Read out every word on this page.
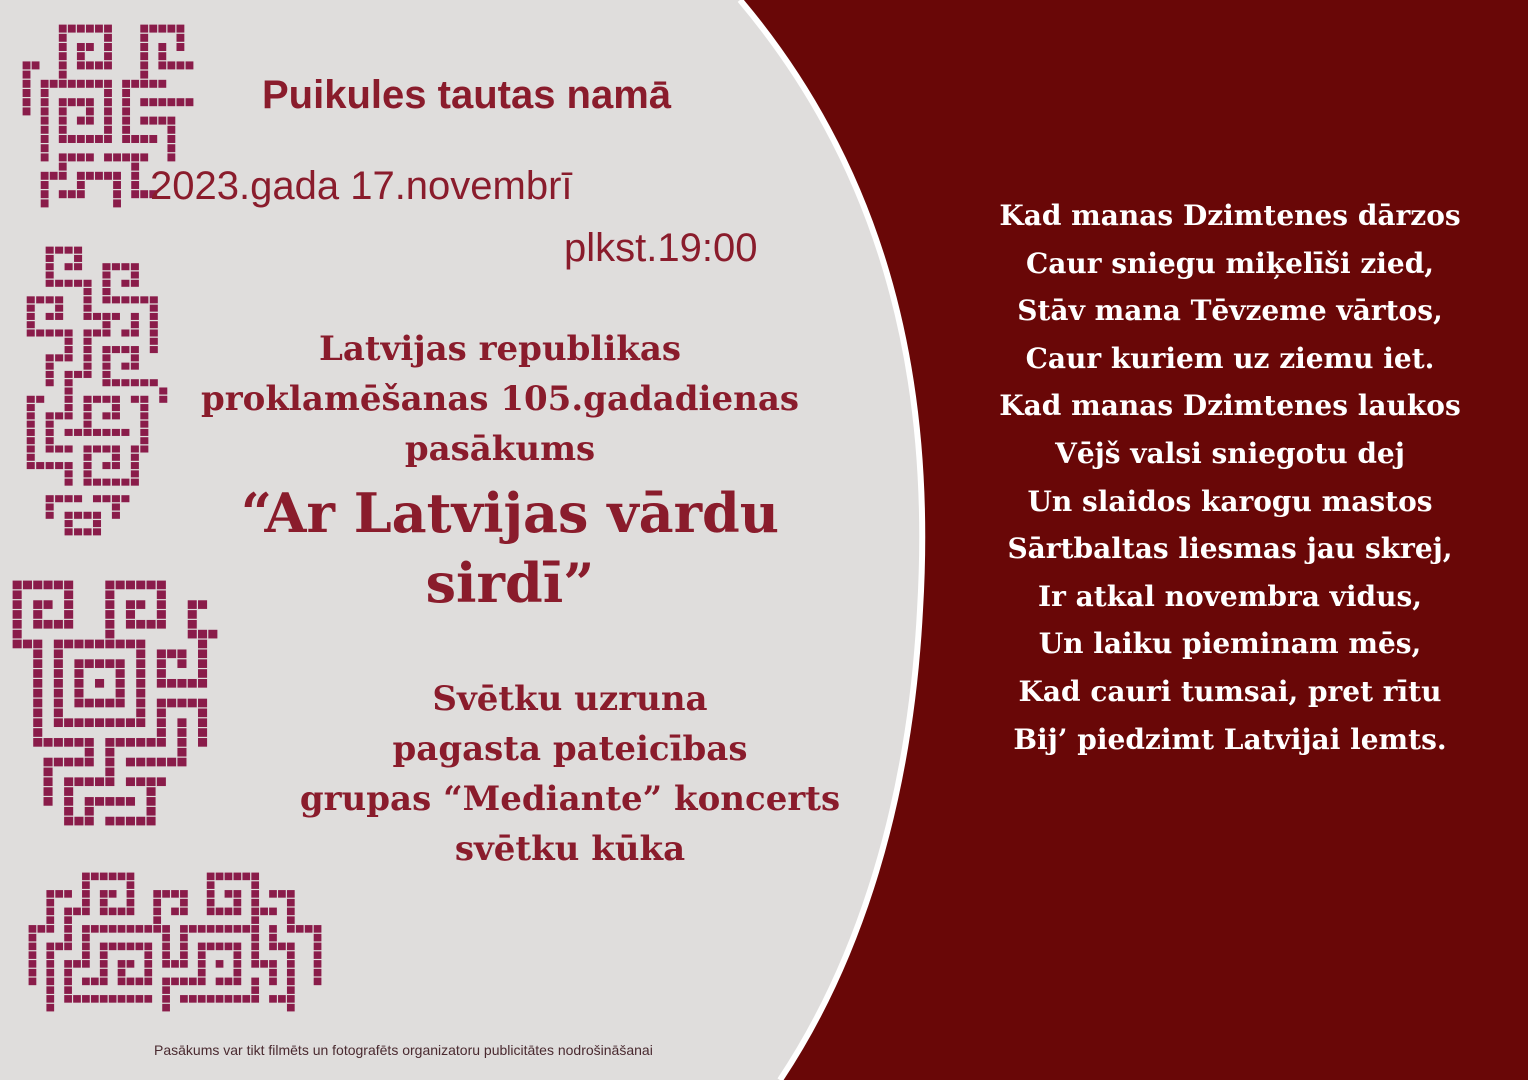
Puikules tautas namā

2023.gada 17.novembrī

plkst.19:00

Latvijas republikas
proklamēšanas 105.gadadienas
pasākums
“Ar Latvijas vārdu
sirdī”
Svētku uzruna
pagasta pateicības
grupas “Mediante” koncerts
svētku kūka

Pasākums var tikt filmēts un fotografēts organizatoru publicitātes nodrošināšanai

Kad manas Dzimtenes dārzos
Caur sniegu miķelīši zied,
Stāv mana Tēvzeme vārtos,
Caur kuriem uz ziemu iet.
Kad manas Dzimtenes laukos
Vējš valsi sniegotu dej
Un slaidos karogu mastos
Sārtbaltas liesmas jau skrej,
Ir atkal novembra vidus,
Un laiku pieminam mēs,
Kad cauri tumsai, pret rītu
Bij’ piedzimt Latvijai lemts.
